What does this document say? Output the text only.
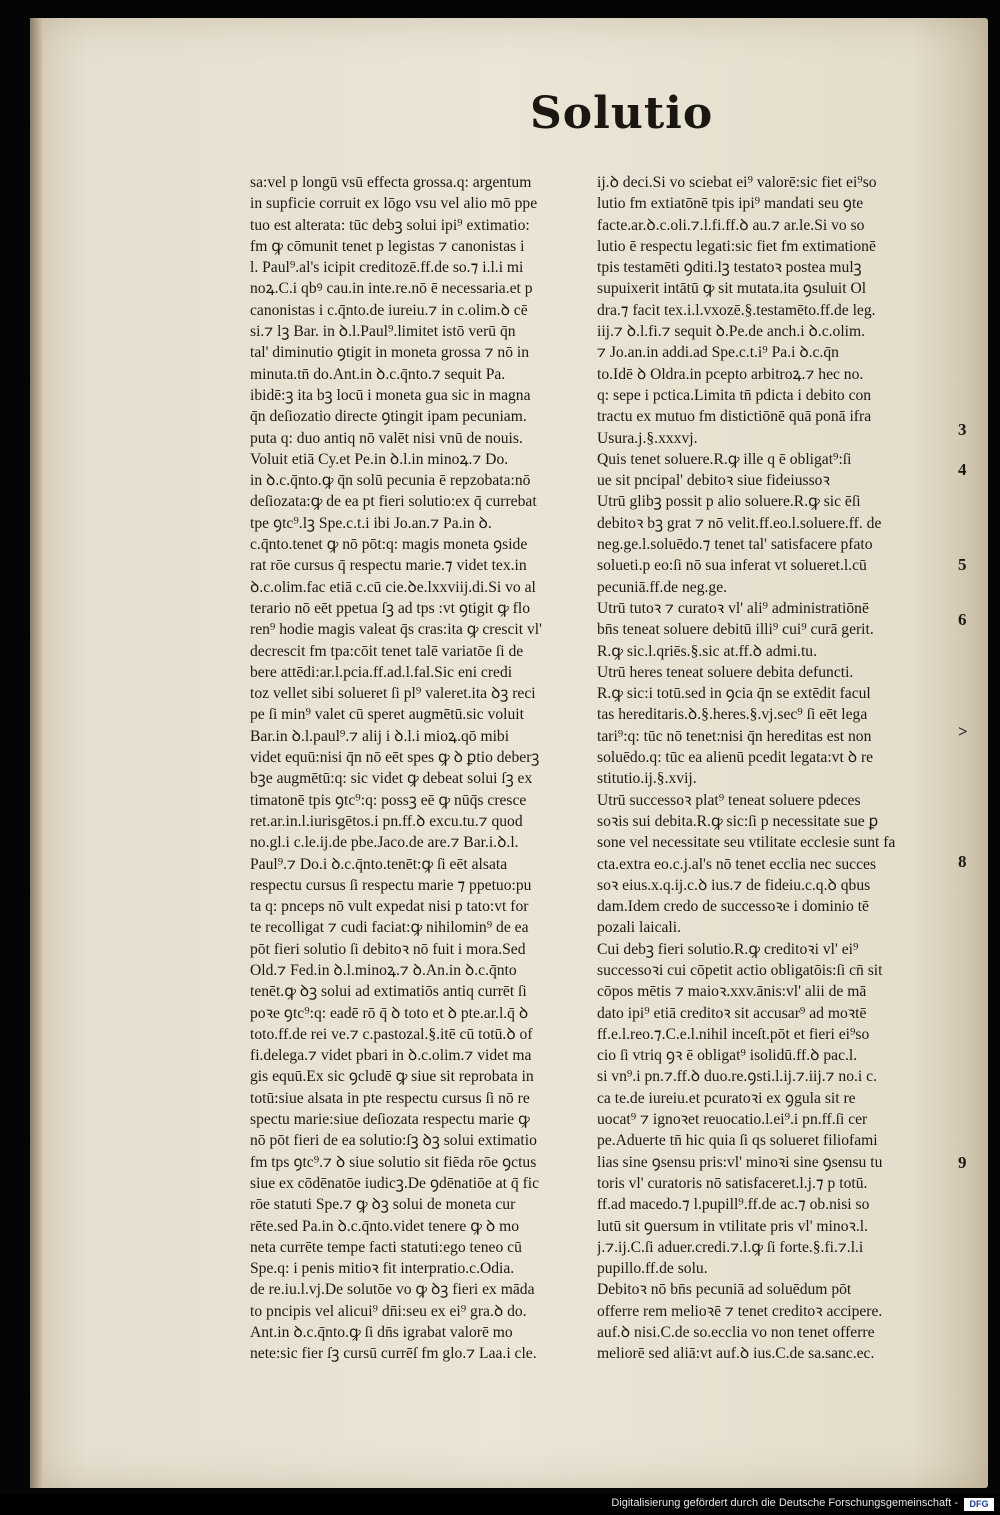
Solutio
sa:vel p longū vsū effecta grossa.q: argentum
in supficie corruit ex lōgo vsu vel alio mō ppe
tuo est alterata: tūc debꝫ solui ipi⁹ extimatio:
fm ꝙ cōmunit tenet p legistas ⁊ canonistas i
l. Paul⁹.al's icipit creditozē.ff.de so.⁊ i.l.i mi
noꝝ.C.i qbꝰ cau.in inte.re.nō ē necessaria.et p
canonistas i c.q̄nto.de iureiu.⁊ in c.olim.ꝺ cē
si.⁊ lꝫ Bar. in ꝺ.l.Paul⁹.limitet istō verū q̄n
tal' diminutio ꝯtigit in moneta grossa ⁊ nō in
minuta.tn̄ do.Ant.in ꝺ.c.q̄nto.⁊ sequit Pa.
ibidē:ꝫ ita bꝫ locū i moneta gua sic in magna
q̄n deſiozatio directe ꝯtingit ipam pecuniam.
puta q: duo antiq nō valēt nisi vnū de nouis.
Voluit etiā Cy.et Pe.in ꝺ.l.in minoꝝ.⁊ Do.
in ꝺ.c.q̄nto.ꝙ q̄n solū pecunia ē repzobata:nō
deſiozata:ꝙ de ea pt fieri solutio:ex q̄ currebat
tpe ꝯtc⁹.lꝫ Spe.c.t.i ibi Jo.an.⁊ Pa.in ꝺ.
c.q̄nto.tenet ꝙ nō pōt:q: magis moneta ꝯside
rat rōe cursus q̄ respectu marie.⁊ videt tex.in
ꝺ.c.olim.fac etiā c.cū cie.ꝺe.lxxviij.di.Si vo al
terario nō eēt ppetua ſꝫ ad tps :vt ꝯtigit ꝙ flo
ren⁹ hodie magis valeat q̄s cras:ita ꝙ crescit vl'
decrescit fm tpa:cōit tenet talē variatōe ſi de
bere attēdi:ar.l.pcia.ff.ad.l.fal.Sic eni credi
toz vellet sibi solueret ſi pl⁹ valeret.ita ꝺꝫ reci
pe ſi min⁹ valet cū speret augmētū.sic voluit
Bar.in ꝺ.l.paul⁹.⁊ alij i ꝺ.l.i mioꝝ.qō mibi
videt equū:nisi q̄n nō eēt spes ꝙ ꝺ ꝑtio deberꝫ
bꝫe augmētū:q: sic videt ꝙ debeat solui ſꝫ ex
timatonē tpis ꝯtc⁹:q: possꝫ eē ꝙ nūq̄s cresce
ret.ar.in.l.iurisgētos.i pn.ff.ꝺ excu.tu.⁊ quod
no.gl.i c.le.ij.de pbe.Jaco.de are.⁊ Bar.i.ꝺ.l.
Paul⁹.⁊ Do.i ꝺ.c.q̄nto.tenēt:ꝙ ſi eēt alsata
respectu cursus ſi respectu marie ⁊ ppetuo:pu
ta q: pnceps nō vult expedat nisi p tato:vt for
te recolligat ⁊ cudi faciat:ꝙ nihilomin⁹ de ea
pōt fieri solutio ſi debitoꝛ nō fuit i mora.Sed
Old.⁊ Fed.in ꝺ.l.minoꝝ.⁊ ꝺ.An.in ꝺ.c.q̄nto
tenēt.ꝙ ꝺꝫ solui ad extimatiōs antiq currēt ſi
poꝛe ꝯtc⁹:q: eadē rō q̄ ꝺ toto et ꝺ pte.ar.l.q̄ ꝺ
toto.ff.de rei ve.⁊ c.pastozal.§.itē cū totū.ꝺ of
fi.delega.⁊ videt pbari in ꝺ.c.olim.⁊ videt ma
gis equū.Ex sic ꝯcludē ꝙ siue sit reprobata in
totū:siue alsata in pte respectu cursus ſi nō re
spectu marie:siue deſiozata respectu marie ꝙ
nō pōt fieri de ea solutio:ſꝫ ꝺꝫ solui extimatio
fm tps ꝯtc⁹.⁊ ꝺ siue solutio sit fiēda rōe ꝯctus
siue ex cōdēnatōe iudicꝫ.De ꝯdēnatiōe at q̄ fic
rōe statuti Spe.⁊ ꝙ ꝺꝫ solui de moneta cur
rēte.sed Pa.in ꝺ.c.q̄nto.videt tenere ꝙ ꝺ mo
neta currēte tempe facti statuti:ego teneo cū
Spe.q: i penis mitioꝛ fit interpratio.c.Odia.
de re.iu.l.vj.De solutōe vo ꝙ ꝺꝫ fieri ex māda
to pncipis vel alicui⁹ dn̄i:seu ex ei⁹ gra.ꝺ do.
Ant.in ꝺ.c.q̄nto.ꝙ ſi dn̄s igrabat valorē mo
nete:sic fier ſꝫ cursū currēſ fm glo.⁊ Laa.i cle.
ij.ꝺ deci.Si vo sciebat ei⁹ valorē:sic fiet ei⁹so
lutio fm extiatōnē tpis ipi⁹ mandati seu ꝯte
facte.ar.ꝺ.c.oli.⁊.l.fi.ff.ꝺ au.⁊ ar.le.Si vo so
lutio ē respectu legati:sic fiet fm extimationē
tpis testamēti ꝯditi.lꝫ testatoꝛ postea mulꝫ
supuixerit intātū ꝙ sit mutata.ita ꝯsuluit Ol
dra.⁊ facit tex.i.l.vxozē.§.testamēto.ff.de leg.
iij.⁊ ꝺ.l.fi.⁊ sequit ꝺ.Pe.de anch.i ꝺ.c.olim.
⁊ Jo.an.in addi.ad Spe.c.t.i⁹ Pa.i ꝺ.c.q̄n
to.Idē ꝺ Oldra.in pcepto arbitroꝝ.⁊ hec no.
q: sepe i pctica.Limita tn̄ pdicta i debito con
tractu ex mutuo fm distictiōnē quā ponā ifra
Usura.j.§.xxxvj.
Quis tenet soluere.R.ꝙ ille q ē obligat⁹:ſi
ue sit pncipal' debitoꝛ siue fideiussoꝛ
Utrū glibꝫ possit p alio soluere.R.ꝙ sic ēſi
debitoꝛ bꝫ grat ⁊ nō velit.ff.eo.l.soluere.ff. de
neg.ge.l.soluēdo.⁊ tenet tal' satisfacere pfato
solueti.p eo:ſi nō sua inferat vt solueret.l.cū
pecuniā.ff.de neg.ge.
Utrū tutoꝛ ⁊ curatoꝛ vl' ali⁹ administratiōnē
bn̄s teneat soluere debitū illi⁹ cui⁹ curā gerit.
R.ꝙ sic.l.qriēs.§.sic at.ff.ꝺ admi.tu.
Utrū heres teneat soluere debita defuncti.
R.ꝙ sic:i totū.sed in ꝯcia q̄n se extēdit facul
tas hereditaris.ꝺ.§.heres.§.vj.sec⁹ ſi eēt lega
tari⁹:q: tūc nō tenet:nisi q̄n hereditas est non
soluēdo.q: tūc ea alienū pcedit legata:vt ꝺ re
stitutio.ij.§.xvij.
Utrū successoꝛ plat⁹ teneat soluere pdeces
soꝛis sui debita.R.ꝙ sic:ſi p necessitate sue ꝑ
sone vel necessitate seu vtilitate ecclesie sunt fa
cta.extra eo.c.j.al's nō tenet ecclia nec succes
soꝛ eius.x.q.ij.c.ꝺ ius.⁊ de fideiu.c.q.ꝺ qbus
dam.Idem credo de successoꝛe i dominio tē
pozali laicali.
Cui debꝫ fieri solutio.R.ꝙ creditoꝛi vl' ei⁹
successoꝛi cui cōpetit actio obligatōis:ſi cn̄ sit
cōpos mētis ⁊ maioꝛ.xxv.ānis:vl' alii de mā
dato ipi⁹ etiā creditoꝛ sit accusar⁹ ad moꝛtē
ff.e.l.reo.⁊.C.e.l.nihil inceſt.pōt et fieri ei⁹so
cio ſi vtriq ꝯꝛ ē obligat⁹ isolidū.ff.ꝺ pac.l.
si vn⁹.i pn.⁊.ff.ꝺ duo.re.ꝯsti.l.ij.⁊.iij.⁊ no.i c.
ca te.de iureiu.et pcuratoꝛi ex ꝯgula sit re
uocat⁹ ⁊ ignoꝛet reuocatio.l.ei⁹.i pn.ff.ſi cer
pe.Aduerte tn̄ hic quia ſi qs solueret filiofami
lias sine ꝯsensu pris:vl' minoꝛi sine ꝯsensu tu
toris vl' curatoris nō satisfaceret.l.j.⁊ p totū.
ff.ad macedo.⁊ l.pupill⁹.ff.de ac.⁊ ob.nisi so
lutū sit ꝯuersum in vtilitate pris vl' minoꝛ.l.
j.⁊.ij.C.ſi aduer.credi.⁊.l.ꝙ ſi forte.§.fi.⁊.l.i
pupillo.ff.de solu.
Debitoꝛ nō bn̄s pecuniā ad soluēdum pōt
offerre rem melioꝛē ⁊ tenet creditoꝛ accipere.
auf.ꝺ nisi.C.de so.ecclia vo non tenet offerre
meliorē sed aliā:vt auf.ꝺ ius.C.de sa.sanc.ec.
3
4
5
6
>
8
9
Digitalisierung gefördert durch die Deutsche Forschungsgemeinschaft -	DFG
